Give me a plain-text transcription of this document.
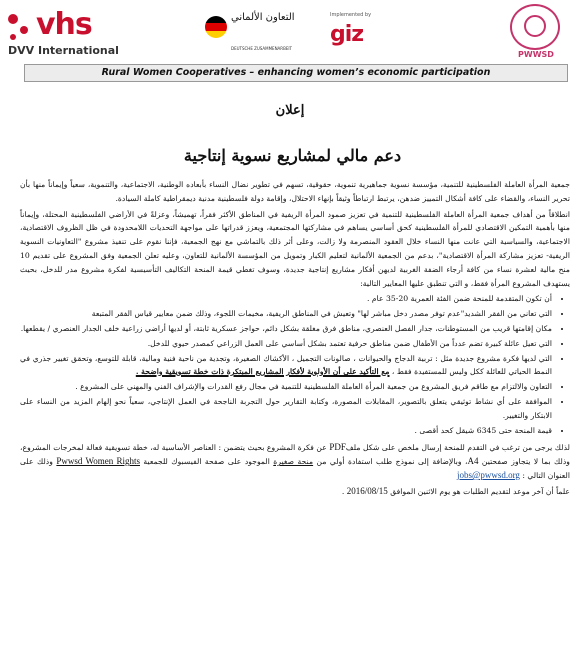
vhs
DVV International
التعاون الألماني
DEUTSCHE ZUSAMMENARBEIT
Implemented by
giz
PWWSD
Rural Women Cooperatives – enhancing women’s economic participation
إعلان
دعم مالي لمشاريع نسوية إنتاجية

جمعية المرأة العاملة الفلسطينية للتنمية، مؤسسة نسوية جماهيرية تنموية، حقوقية، تسهم في تطوير نضال النساء بأبعاده الوطنية، الاجتماعية، والتنموية، سعياً وإيماناً منها بأن تحرير النساء، والقضاء على كافة أشكال التمييز ضدهن، يرتبط ارتباطاً وثيقاً بإنهاء الاحتلال، وإقامة دولة فلسطينية مدنية ديمقراطية كاملة السيادة.

انطلاقاً من أهداف جمعية المرأة العاملة الفلسطينية للتنمية في تعزيز صمود المرأة الريفية في المناطق الأكثر فقراً، تهميشاً، وعزلةً في الأراضي الفلسطينية المحتلة، وإيماناً منها بأهمية التمكين الاقتصادي للمرأة الفلسطينية كحق أساسي يساهم في مشاركتها المجتمعية، ويعزز قدراتها على مواجهة التحديات اللامحدودة في ظل الظروف الاقتصادية، الاجتماعية، والسياسية التي عانت منها النساء خلال العقود المنصرمة ولا زالت، وعلى أثر ذلك بالتماشي مع نهج الجمعية، فإننا نقوم على تنفيذ مشروع "التعاونيات النسوية الريفية- تعزيز مشاركة المرأة الاقتصادية"، بدعم من الجمعية الألمانية لتعليم الكبار وتمويل من المؤسسة الألمانية للتعاون، وعليه تعلن الجمعية وفق المشروع على تقديم 10 منح مالية لعشرة نساء من كافة أرجاء الضفة الغربية لديهن أفكار مشاريع إنتاجية جديدة، وسوف تغطي قيمة المنحة التكاليف التأسيسية لفكرة مشروع مدر للدخل، بحيث يستهدف المشروع المرأة فقط، و التي تنطبق عليها المعايير التالية:

• أن تكون المتقدمة للمنحة ضمن الفئة العمرية 20-35 عام .
• التي تعاني من الفقر الشديد"عدم توفر مصدر دخل مباشر لها" وتعيش في المناطق الريفية، مخيمات اللجوء، وذلك ضمن معايير قياس الفقر المتبعة
• مكان إقامتها قريب من المستوطنات، جدار الفصل العنصري، مناطق فرق مغلقة بشكل دائم، حواجز عسكرية ثابتة، أو لديها أراضي زراعية خلف الجدار العنصري / يقطعها.
• التي تعيل عائلة كبيرة تضم عدداً من الأطفال ضمن مناطق حرفية تعتمد بشكل أساسي على العمل الزراعي كمصدر حيوي للدخل.
• التي لديها فكرة مشروع جديدة مثل : تربية الدجاج والحيوانات ، صالونات التجميل ، الأكشاك الصغيرة، وتجدية من ناحية فنية ومالية، قابلة للتوسع، وتحقق تغيير جذري في النمط الحياتي للعائلة ككل وليس للمستفيدة فقط ، مع التأكيد على أن الأولوية لأفكار المشاريع المبتكرة ذات خطة تسويقية واضحة .
• التعاون والالتزام مع طاقم فريق المشروع من جمعية المرأة العاملة الفلسطينية للتنمية في مجال رفع القدرات والإشراف الفني والمهني على المشروع .
• الموافقة على أي نشاط توثيقي يتعلق بالتصوير، المقابلات المصورة، وكتابة التقارير حول التجربة الناجحة في العمل الإنتاجي، سعياً نحو إلهام المزيد من النساء على الابتكار والتغيير.
• قيمة المنحة حتى 6345 شيقل كحد أقصى .

لذلك يرجى من ترغب في التقدم للمنحة إرسال ملخص على شكل ملفPDF عن فكرة المشروع بحيث يتضمن : العناصر الأساسية له، خطة تسويقية فعالة لمخرجات المشروع، وذلك بما لا يتجاوز صفحتين A4، وبالإضافة إلى نموذج طلب استفادة أولي من منحة صغيرة الموجود على صفحة الفيسبوك للجمعية Pwwsd Women Rights وذلك على العنوان التالي : jobs@pwwsd.org

علماً أن آخر موعد لتقديم الطلبات هو يوم الاثنين الموافق 2016/08/15 .
